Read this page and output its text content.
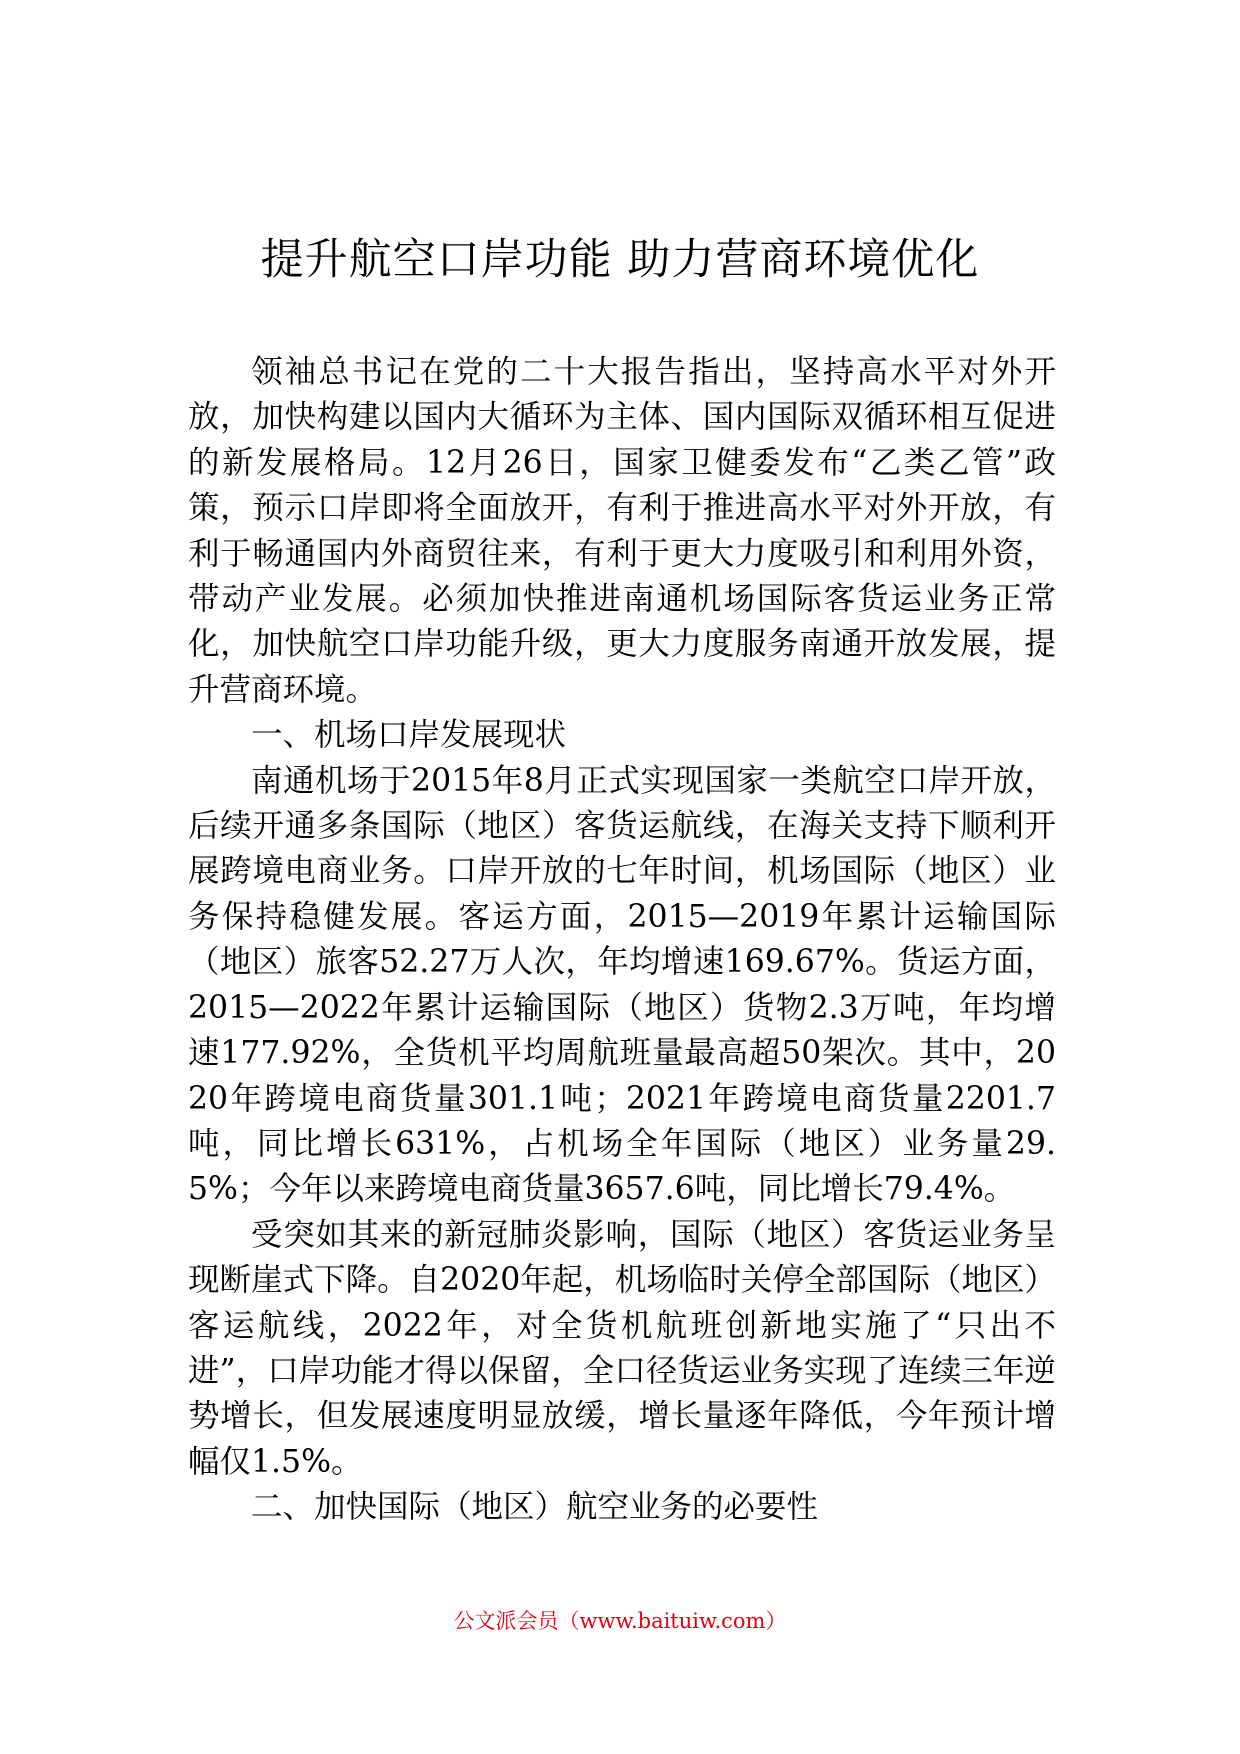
提升航空口岸功能 助力营商环境优化

领袖总书记在党的二十大报告指出，坚持高水平对外开放，加快构建以国内大循环为主体、国内国际双循环相互促进的新发展格局。12月26日，国家卫健委发布“乙类乙管”政策，预示口岸即将全面放开，有利于推进高水平对外开放，有利于畅通国内外商贸往来，有利于更大力度吸引和利用外资，带动产业发展。必须加快推进南通机场国际客货运业务正常化，加快航空口岸功能升级，更大力度服务南通开放发展，提升营商环境。

一、机场口岸发展现状

南通机场于2015年8月正式实现国家一类航空口岸开放，后续开通多条国际（地区）客货运航线，在海关支持下顺利开展跨境电商业务。口岸开放的七年时间，机场国际（地区）业务保持稳健发展。客运方面，2015—2019年累计运输国际（地区）旅客52.27万人次，年均增速169.67%。货运方面，2015—2022年累计运输国际（地区）货物2.3万吨，年均增速177.92%，全货机平均周航班量最高超50架次。其中，2020年跨境电商货量301.1吨；2021年跨境电商货量2201.7吨，同比增长631%，占机场全年国际（地区）业务量29.5%；今年以来跨境电商货量3657.6吨，同比增长79.4%。

受突如其来的新冠肺炎影响，国际（地区）客货运业务呈现断崖式下降。自2020年起，机场临时关停全部国际（地区）客运航线，2022年，对全货机航班创新地实施了“只出不进”，口岸功能才得以保留，全口径货运业务实现了连续三年逆势增长，但发展速度明显放缓，增长量逐年降低，今年预计增幅仅1.5%。

二、加快国际（地区）航空业务的必要性

公文派会员（www.baituiw.com）
